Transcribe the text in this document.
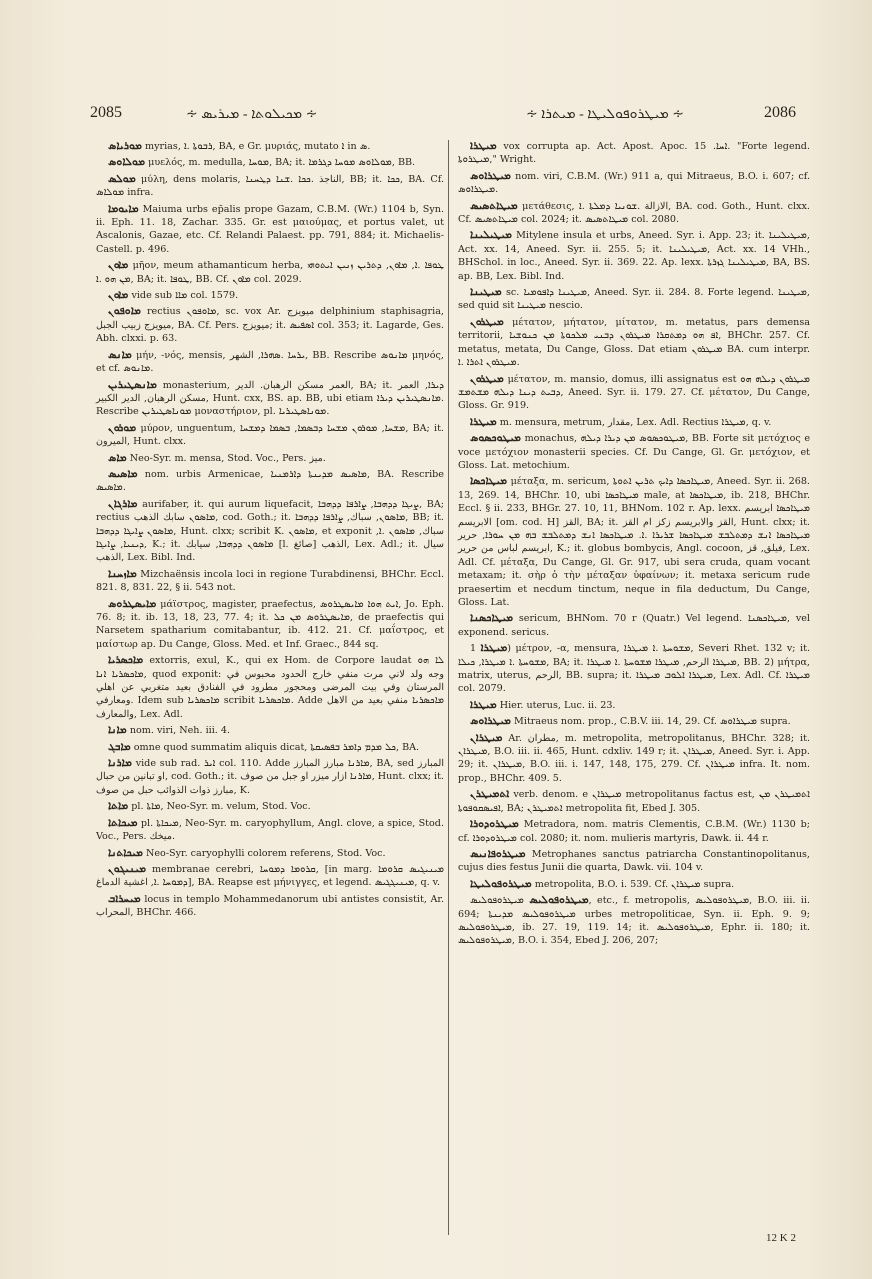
2085	∻ ܡܟܝܠܘܬܐ - ܡܝܪܝܣ ∻	∻ ܡܝܛܪܘܦܘܠܝܛܐ - ܡܝܬܪܐ ∻	2086

ܡܘܪܝܐܣ myrias, ܪܒܘܬܐ .ܐ, BA, e Gr. μυριάς, mutato ܐ in ܣ.

ܡܘܠܐܘܣ μυελός, m. medulla, ܡܘܚܐ, BA; it. ܡܘܠܐܘܣ ܡܘܚܐ ܕܓܪܡܐ, BB.

ܡܘܠܣ μύλη, dens molaris, الناجذ .ܟܟܐ .ܫܢܐ ܕܛܚܢܐ, BB; it. ܟܟܐ, BA. Cf. ܡܘܠܐܣ infra.

ܡܐܝܘܡܐ Maiuma urbs ep̄alis prope Gazam, C.B.M. (Wr.) 1104 b, Syn. ii. Eph. 11. 18, Zachar. 335. Gr. est μαιούμας, et portus valet, ut Ascalonis, Gazae, etc. Cf. Relandi Palaest. pp. 791, 884; it. Michaelis-Castell. p. 496.

ܡܐܘܢ μῆον, meum athamanticum herba, ܛܘܦܐ .ܐ, ܡܐܘܢ, ܕܬܪܝܢ ܙܢܝܢ ܐܝܬܘܗܝ ܡܢ ܗܘ .ܐ, BA; it. ܛܘܦܐ, BB. Cf. ܡܐܘܢ col. 2029.

ܡܐܘܢ vide sub ܡܐܐ col. 1579.

ܡܐܘܦܘܢ rectius ܡܐܘܦܘܢ, sc. vox Ar. ميويزج delphinium staphisagria, ميويزج زبيب الجبل, BA. Cf. Pers. ميويزج; it. ܐܣܦܝܣ col. 353; it. Lagarde, Ges. Abh. clxxi. p. 63.

ܡܐܢܣ μήν, -νός, mensis, ܝܪܚܐ .ܣܗܪܐ, الشهر, BB. Rescribe ܡܐܢܘܣ μηνός, et cf. ܡܐܢܘܣ.

ܡܐܢܣܛܝܪܝܢ monasterium, العمر مسكن الرهبان. الدير, BA; it. ܕܝܪܐ, العمر مسكن الرهبان, الدير الكبير, Hunt. cxx, BS. ap. BB, ubi etiam ܡܐܢܣܛܝܪܝܢ ܕܝܪܐ. Rescribe ܡܘܢܐܣܛܝܪܝܢ μοναστήριον, pl. ܡܘܢܐܣܛܝܪܝܐ.

ܡܘܪܘܢ μύρον, unguentum, ܡܫܚܐ, ܡܘܪܘܢ ܡܫܚܐ ܕܒܣܡܐ, ܒܣܡܐ ܕܡܫܚܐ, BA; it. الميرون, Hunt. clxx.

ܡܐܣ Neo-Syr. m. mensa, Stod. Voc., Pers. ميز.

ܡܐܣܝܣ nom. urbis Armenicae, ܡܐܣܝܣ ܡܕܝܢܬܐ ܕܐܪܡܢܝܐ, BA. Rescribe ܡܐܣܝܣ.

ܡܐܪܓܐܢ aurifaber, it. qui aurum liquefacit, ܨܝܓܐ ܕܕܗܒܐ, ܨܐܪܦܐ ܕܕܗܒܐ, BA; rectius ܡܐܣܘܢ سابك الذهب, cod. Goth.; it. ܡܐܣܘܢ, سباك, ܨܐܪܦܐ ܕܕܗܒܐ, BB; it. ܡܐܣܘܢ ܨܐܝܓܐ ܕܕܗܒܐ, Hunt. clxx; scribit K. ܡܐܣܘܢ, et exponit سباك, ܡܐܣܘܢ .ܐ, ܕܝܢܝܐ, ܨܐܝܓܐ, K.; it. ܡܐܣܘܢ ܕܕܗܒܐ, سيابك [l. صائغ] الذهب, Lex. Adl.; it. سيال الذهب, Lex. Bibl. Ind.

ܡܐܙܚܢܐ Mizchaënsis incola loci in regione Turabdinensi, BHChr. Eccl. 821. 8, 831. 22, § ii. 543 not.

ܡܐܝܣܛܪܘܣ μάϊστρος, magister, praefectus, ܐܝܬ ܗܘܐ ܡܐܝܣܛܪܘܣ, Jo. Eph. 76. 8; it. ib. 13, 18, 23, 77. 4; it. ܡܐܝܣܛܪܘܣ ܡܢ ܟܠ, de praefectis qui Narsetem spatharium comitabantur, ib. 412. 21. Cf. μαΐστρος, et μαίστωρ ap. Du Cange, Gloss. Med. et Inf. Graec., 844 sq.

ܡܐܟܣܪܝܐ extorris, exul, K., qui ex Hom. de Corpore laudat ܠܐ ܗܘ ܡܐܟܣܪܝܐ ܐܢܐ, quod exponit: وجه ولد لاني مرت منفي خارج الحدود محبوس في المرستان وفي بيت المرضى ومحجور مطرود في الفنادق بعيد متغربي عن اهلي ومعارفي. Idem sub ܡܐܟܣܪܝܐ scribit ܡܐܟܣܪܝܐ. Adde ܡܐܟܣܪܝܐ منفي بعيد من الاهل والمعارف, Lex. Adl.

ܡܐܢܐ nom. viri, Neh. iii. 4.

ܡܐܒܓ omne quod summatim aliquis dicat, ܟܠ ܡܕܡ ܕܐܡܪ ܒܦܣܝܩܬܐ, BA.

ܡܐܪܢܐ vide sub rad. ܐܝܪ col. 110. Adde ܡܐܪܢܐ مبارز المبارز, BA, sed المبارز او تبانين من حبال, cod. Goth.; it. ܡܐܪܢܐ ازار ميزر او جبل من صوف, Hunt. clxx; it. مبارز ذوات الذوائب حبل من صوف, K.

ܡܐܬܐ pl. ܡܐܬܐ, Neo-Syr. m. velum, Stod. Voc.

ܡܝܟܐܬܐ pl. ܡܝܟܐܬܐ, Neo-Syr. m. caryophyllum, Angl. clove, a spice, Stod. Voc., Pers. ميخك.

ܡܝܟܐܬܢܐ Neo-Syr. caryophylli colorem referens, Stod. Voc.

ܡܝܢܝܓܘܢ membranae cerebri, ܩܪܘܡܐ ܕܡܘܚܐ, [in marg. ܡܝܢܝܓܝܣ ܩܪܘܡܐ ܕܡܘܚܐ .ܐ, اغشية الدماغ], BA. Reapse est μήνιγγες, et legend. ܡܝܢܝܓܓܝܣ, q. v.

ܡܝܚܪܐܒ locus in templo Mohammedanorum ubi antistes consistit, Ar. المحراب, BHChr. 466.

ܡܝܛܪܐ vox corrupta ap. Act. Apost. Apoc. ܐܚܐ. 15. "Forte legend. ܡܝܛܪܘܬܐ," Wright.

ܡܝܛܪܐܘܣ nom. viri, C.B.M. (Wr.) 911 a, qui Mitraeus, B.O. i. 607; cf. ܡܝܛܪܐܘܣ.

ܡܝܛܐܬܣܝܣ μετάθεσις, الازالة .ܫܘܢܝܐ ܕܡܠܬܐ .ܐ, BA. cod. Goth., Hunt. clxx. Cf. ܡܝܛܐܬܣܝܣ col. 2024; it. ܡܝܛܐܬܣܝܣ col. 2080.

ܡܝܛܝܠܝܢܐ Mitylene insula et urbs, Aneed. Syr. i. App. 23; it. ܡܝܛܝܠܝܢܐ, Act. xx. 14, Aneed. Syr. ii. 255. 5; it. ܡܝܛܝܠܝܢܐ, Act. xx. 14 VHh., BHSchol. in loc., Aneed. Syr. ii. 369. 22. Ap. lexx. ܡܝܛܝܠܝܢܐ ܓܙܪܬܐ, BA, BS. ap. BB, Lex. Bibl. Ind.

ܡܝܛܝܢܐ sc. ܡܝܛܝܢܐ ܕܐܦܘܡܝܐ, Aneed. Syr. ii. 284. 8. Forte legend. ܡܝܛܝܢܐ, sed quid sit ܡܝܛܝܢܐ nescio.

ܡܝܛܪܘܢ μέτατον, μήτατον, μίτατον, m. metatus, pars demensa territorii, ܐܦ ܗܘ ܕܡܬܩܪܐ ܡܝܛܪܘܢ ܕܒܢܝ ܡܠܟܘܬܐ ܡܢ ܟܢܘܫܝܐ, BHChr. 257. Cf. metatus, metata, Du Cange, Gloss. Dat etiam ܡܝܛܪܘܢ BA. cum interpr. ܡܝܛܪܘܢ ܐܬܪܐ .ܐ.

ܡܝܛܪܘܢ μέτατον, m. mansio, domus, illi assignatus est ܡܝܛܪܘܢ ܕܝܠܗ ܗܘ ܕܒܝܬ ܕܝܢܐ ܕܝܠܗ ܡܫܬܡܫ, Aneed. Syr. ii. 179. 27. Cf. μέτατον, Du Cange, Gloss. Gr. 919.

ܡܝܛܪܐ m. mensura, metrum, مقدار, Lex. Adl. Rectius ܡܝܛܪܐ, q. v.

ܡܝܛܘܟܣܘܣ monachus, ܡܝܛܘܟܣܘܣ ܡܢ ܕܝܪܐ ܕܝܠܗ, BB. Forte sit μετόχιος e voce μετόχιον monasterii species. Cf. Du Cange, Gl. Gr. μετόχιον, et Gloss. Lat. metochium.

ܡܝܛܐܟܣܐ μέταξα, m. sericum, ܡܝܛܐܟܣܐ ܕܐܝܟ ܬܪܝܢ ܐܬܘܬܐ, Aneed. Syr. ii. 268. 13, 269. 14, BHChr. 10, ubi ܡܝܛܐܟܣܐ male, at ܡܝܛܐܟܣܐ, ib. 218, BHChr. Eccl. § ii. 233, BHGr. 27. 10, 11, BHNom. 102 r. Ap. lexx. ܡܝܛܐܟܣܐ ابريسم الابريسم [om. cod. H] القز, BA; it. القز والابريسم زكز ام القز, Hunt. clxx; it. ܡܝܛܐܟܣܐ ܐܢܫ ܕܡܬܠܒܫ ܡܝܛܐܟܣܐ ܫܪܝܪܐ .ܐ. ܡܝܛܐܟܣܐ ܐܢܫ ܕܡܬܠܒܫ ܒܗ ܡܢ ܚܘܪܐ, حرير ابريسم لباس من حرير, K.; it. globus bombycis, Angl. cocoon, فيلق, قز, Lex. Adl. Cf. μέταξα, Du Cange, Gl. Gr. 917, ubi sera cruda, quam vocant metaxam; it. σὴρ ὁ τὴν μέταξαν ὑφαίνων; it. metaxa sericum rude praesertim et necdum tinctum, neque in fila deductum, Du Cange, Gloss. Lat.

ܡܝܛܐܟܣܢܐ sericum, BHNom. 70 r (Quatr.) Vel legend. ܡܝܛܐܟܣܢܐ, vel exponend. sericus.

ܡܝܛܪܐ 1) μέτρον, -α, mensura, ܡܫܘܚܬܐ .ܐ ܡܝܛܪܐ, Severi Rhet. 132 v; it. ܡܫܘܚܬܐ .ܐ ܡܝܛܪܐ, ܟܝܠܐ, BA; it. ܡܝܛܪܐ الرحم, ܡܝܛܪܐ ܡܫܘܚܬܐ .ܐ ܡܝܛܪܐ, BB. 2) μήτρα, matrix, uterus, الرحم, BB. supra; it. ܡܝܛܪܐ ܐܠܘܒ ܡܝܛܪܐ, Lex. Adl. Cf. ܡܝܛܪܐ col. 2079.

ܡܝܛܪܐ Hier. uterus, Luc. ii. 23.

ܡܝܛܪܐܘܣ Mitraeus nom. prop., C.B.V. iii. 14, 29. Cf. ܡܝܛܪܐܘܣ supra.

ܡܝܛܪܐܢ Ar. مطران, m. metropolita, metropolitanus, BHChr. 328; it. ܡܝܛܪܐܢ, B.O. iii. ii. 465, Hunt. cdxliv. 149 r; it. ܡܝܛܪܐܢ, Aneed. Syr. i. App. 29; it. ܡܝܛܪܐܢ, B.O. iii. i. 147, 148, 175, 279. Cf. ܡܝܛܪܐܢ infra. It. nom. prop., BHChr. 409. 5.

ܐܬܡܝܛܪܢ verb. denom. e ܡܝܛܪܐܢ metropolitanus factus est, ܐܬܡܝܛܪܢ ܡܢ ܐܦܝܣܩܘܦܘܬܐ, BA; ܐܬܡܝܛܪܢ metropolita fit, Ebed J. 305.

ܡܝܛܪܘܕܘܪܐ Metradora, nom. matris Clementis, C.B.M. (Wr.) 1130 b; cf. ܡܝܛܪܘܕܘܪܐ col. 2080; it. nom. mulieris martyris, Dawk. ii. 44 r.

ܡܝܛܪܘܦܐܢܝܣ Metrophanes sanctus patriarcha Constantinopolitanus, cujus dies festus Junii die quarta, Dawk. vii. 104 v.

ܡܝܛܪܘܦܘܠܝܛܐ metropolita, B.O. i. 539. Cf. ܡܝܛܪܐܢ supra.

ܡܝܛܪܘܦܘܠܝܣ ܡܝܛܪܘܦܘܠܝܣ, etc., f. metropolis, ܡܝܛܪܘܦܘܠܝܣ, B.O. iii. ii. 694; ܡܝܛܪܘܦܘܠܝܣ ܡܕܝܢܬܐ urbes metropoliticae, Syn. ii. Eph. 9. 9; ܡܝܛܪܘܦܘܠܝܣ, ib. 27. 19, 119. 14; it. ܡܝܛܪܘܦܘܠܝܣ, Ephr. ii. 180; it. ܡܝܛܪܘܦܘܠܝܣ, B.O. i. 354, Ebed J. 206, 207;

12 K 2
